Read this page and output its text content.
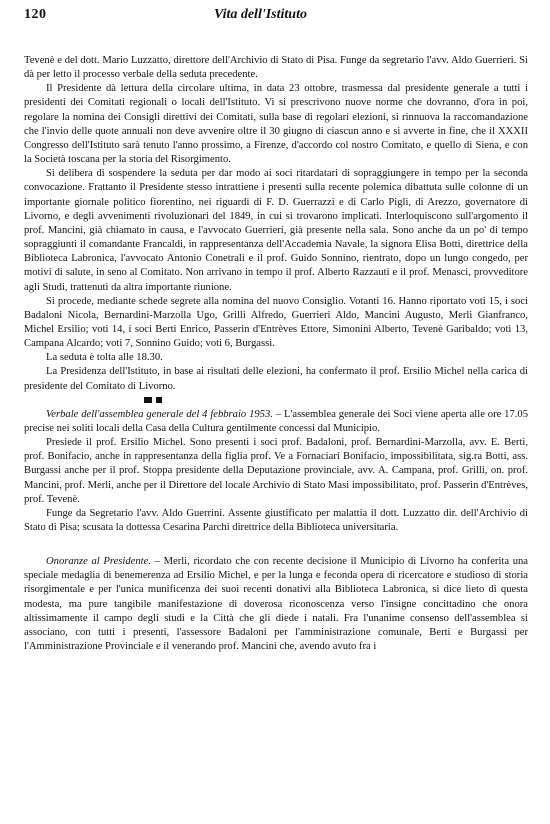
120	Vita dell'Istituto

Tevenè e del dott. Mario Luzzatto, direttore dell'Archivio di Stato di Pisa. Funge da segretario l'avv. Aldo Guerrieri. Si dà per letto il processo verbale della seduta precedente.

Il Presidente dà lettura della circolare ultima, in data 23 ottobre, trasmessa dal presidente generale a tutti i presidenti dei Comitati regionali o locali dell'Istituto. Vi si prescrivono nuove norme che dovranno, d'ora in poi, regolare la nomina dei Consigli direttivi dei Comitati, sulla base di regolari elezioni, si rinnuova la raccomandazione che l'invio delle quote annuali non deve avvenire oltre il 30 giugno di ciascun anno e si avverte in fine, che il XXXII Congresso dell'Istituto sarà tenuto l'anno prossimo, a Firenze, d'accordo col nostro Comitato, e quello di Siena, e con la Società toscana per la storia del Risorgimento.

Si delibera di sospendere la seduta per dar modo ai soci ritardatari di sopraggiungere in tempo per la seconda convocazione. Frattanto il Presidente stesso intrattiene i presenti sulla recente polemica dibattuta sulle colonne di un importante giornale politico fiorentino, nei riguardi di F. D. Guerrazzi e di Carlo Pigli, di Arezzo, governatore di Livorno, e degli avvenimenti rivoluzionari del 1849, in cui si trovarono implicati. Interloquiscono sull'argomento il prof. Mancini, già chiamato in causa, e l'avvocato Guerrieri, già presente nella sala. Sono anche da un po' di tempo sopraggiunti il comandante Francaldi, in rappresentanza dell'Accademia Navale, la signora Elisa Botti, direttrice della Biblioteca Labronica, l'avvocato Antonio Conetrali e il prof. Guido Sonnino, rientrato, dopo un lungo congedo, per motivi di salute, in seno al Comitato. Non arrivano in tempo il prof. Alberto Razzauti e il prof. Menasci, provveditore agli Studi, trattenuti da altra importante riunione.

Si procede, mediante schede segrete alla nomina del nuovo Consiglio. Votanti 16. Hanno riportato voti 15, i soci Badaloni Nicola, Bernardini-Marzolla Ugo, Grilli Alfredo, Guerrieri Aldo, Mancini Augusto, Merli Gianfranco, Michel Ersilio; voti 14, i soci Berti Enrico, Passerin d'Entrèves Ettore, Simonini Alberto, Tevenè Garibaldo; voti 13, Campana Alcardo; voti 7, Sonnino Guido; voti 6, Burgassi.

La seduta è tolta alle 18.30.

La Presidenza dell'Istituto, in base ai risultati delle elezioni, ha confermato il prof. Ersilio Michel nella carica di presidente del Comitato di Livorno.

Verbale dell'assemblea generale del 4 febbraio 1953. – L'assemblea generale dei Soci viene aperta alle ore 17.05 precise nei soliti locali della Casa della Cultura gentilmente concessi dal Municipio.

Presiede il prof. Ersilio Michel. Sono presenti i soci prof. Badaloni, prof. Bernardini-Marzolla, avv. E. Berti, prof. Bonifacio, anche in rappresentanza della figlia prof. Ve a Fornaciari Bonifacio, impossibilitata, sig.ra Botti, ass. Burgassi anche per il prof. Stoppa presidente della Deputazione provinciale, avv. A. Campana, prof. Grilli, on. prof. Mancini, prof. Merli, anche per il Direttore del locale Archivio di Stato Masi impossibilitato, prof. Passerin d'Entrèves, prof. Tevenè.

Funge da Segretario l'avv. Aldo Guerrini. Assente giustificato per malattia il dott. Luzzatto dir. dell'Archivio di Stato di Pisa; scusata la dottessa Cesarina Parchi direttrice della Biblioteca universitaria.

Onoranze al Presidente. – Merli, ricordato che con recente decisione il Municipio di Livorno ha conferita una speciale medaglia di benemerenza ad Ersilio Michel, e per la lunga e feconda opera di ricercatore e studioso di storia risorgimentale e per l'unica munificenza dei suoi recenti donativi alla Biblioteca Labronica, si dice lieto di questa modesta, ma pure tangibile manifestazione di doverosa riconoscenza verso l'insigne concittadino che onora altissimamente il campo degli studi e la Città che gli diede i natali. Fra l'unanime consenso dell'assemblea si associano, con tutti i presenti, l'assessore Badaloni per l'amministrazione comunale, Berti e Burgassi per l'Amministrazione Provinciale e il venerando prof. Mancini che, avendo avuto fra i
